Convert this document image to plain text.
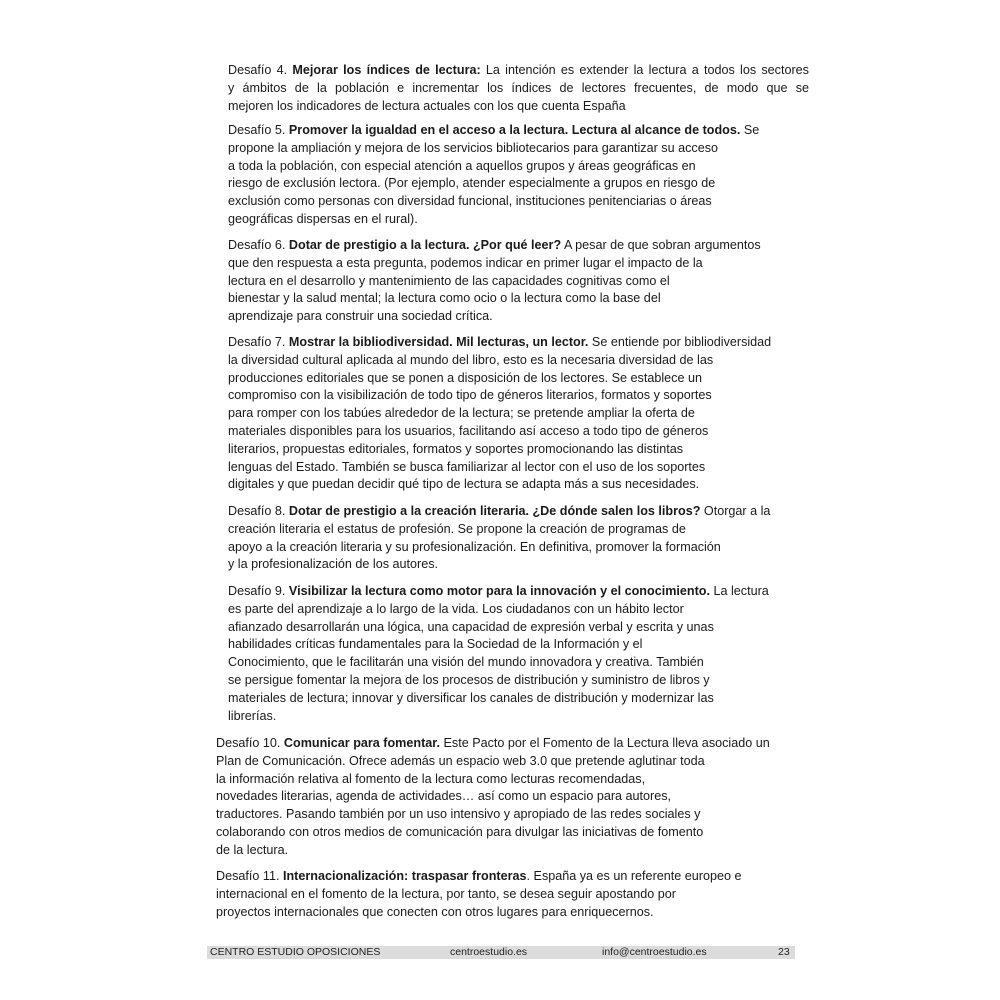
Desafío 4. Mejorar los índices de lectura: La intención es extender la lectura a todos los sectores
y ámbitos de la población e incrementar los índices de lectores frecuentes, de modo que se
mejoren los indicadores de lectura actuales con los que cuenta España
Desafío 5. Promover la igualdad en el acceso a la lectura. Lectura al alcance de todos. Se
propone la ampliación y mejora de los servicios bibliotecarios para garantizar su acceso
a toda la población, con especial atención a aquellos grupos y áreas geográficas en
riesgo de exclusión lectora. (Por ejemplo, atender especialmente a grupos en riesgo de
exclusión como personas con diversidad funcional, instituciones penitenciarias o áreas
geográficas dispersas en el rural).
Desafío 6. Dotar de prestigio a la lectura. ¿Por qué leer? A pesar de que sobran argumentos
que den respuesta a esta pregunta, podemos indicar en primer lugar el impacto de la
lectura en el desarrollo y mantenimiento de las capacidades cognitivas como el
bienestar y la salud mental; la lectura como ocio o la lectura como la base del
aprendizaje para construir una sociedad crítica.
Desafío 7. Mostrar la bibliodiversidad. Mil lecturas, un lector. Se entiende por bibliodiversidad
la diversidad cultural aplicada al mundo del libro, esto es la necesaria diversidad de las
producciones editoriales que se ponen a disposición de los lectores. Se establece un
compromiso con la visibilización de todo tipo de géneros literarios, formatos y soportes
para romper con los tabúes alrededor de la lectura; se pretende ampliar la oferta de
materiales disponibles para los usuarios, facilitando así acceso a todo tipo de géneros
literarios, propuestas editoriales, formatos y soportes promocionando las distintas
lenguas del Estado. También se busca familiarizar al lector con el uso de los soportes
digitales y que puedan decidir qué tipo de lectura se adapta más a sus necesidades.
Desafío 8. Dotar de prestigio a la creación literaria. ¿De dónde salen los libros? Otorgar a la
creación literaria el estatus de profesión. Se propone la creación de programas de
apoyo a la creación literaria y su profesionalización. En definitiva, promover la formación
y la profesionalización de los autores.
Desafío 9. Visibilizar la lectura como motor para la innovación y el conocimiento. La lectura
es parte del aprendizaje a lo largo de la vida. Los ciudadanos con un hábito lector
afianzado desarrollarán una lógica, una capacidad de expresión verbal y escrita y unas
habilidades críticas fundamentales para la Sociedad de la Información y el
Conocimiento, que le facilitarán una visión del mundo innovadora y creativa. También
se persigue fomentar la mejora de los procesos de distribución y suministro de libros y
materiales de lectura; innovar y diversificar los canales de distribución y modernizar las
librerías.
Desafío 10. Comunicar para fomentar. Este Pacto por el Fomento de la Lectura lleva asociado un
Plan de Comunicación. Ofrece además un espacio web 3.0 que pretende aglutinar toda
la información relativa al fomento de la lectura como lecturas recomendadas,
novedades literarias, agenda de actividades… así como un espacio para autores,
traductores. Pasando también por un uso intensivo y apropiado de las redes sociales y
colaborando con otros medios de comunicación para divulgar las iniciativas de fomento
de la lectura.
Desafío 11. Internacionalización: traspasar fronteras. España ya es un referente europeo e
internacional en el fomento de la lectura, por tanto, se desea seguir apostando por
proyectos internacionales que conecten con otros lugares para enriquecernos.
CENTRO ESTUDIO OPOSICIONES	centroestudio.es	info@centroestudio.es	23
